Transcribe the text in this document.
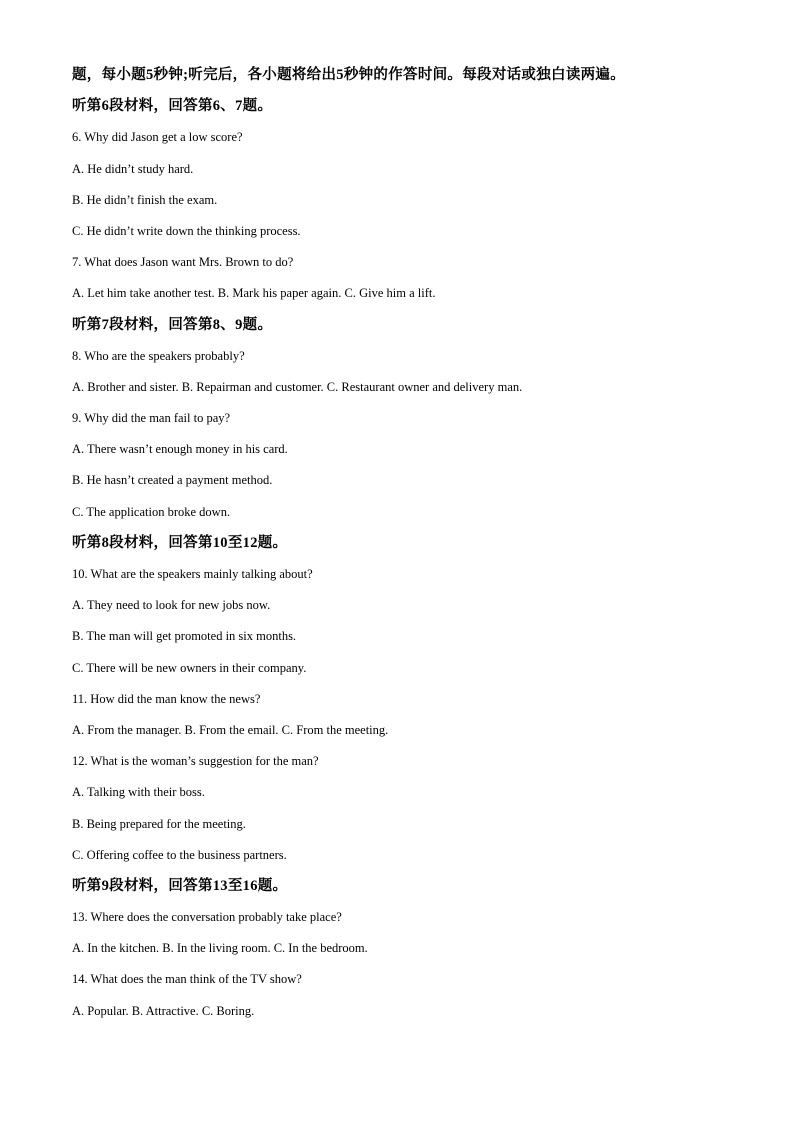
题，每小题5秒钟;听完后，各小题将给出5秒钟的作答时间。每段对话或独白读两遍。
听第6段材料，回答第6、7题。
6. Why did Jason get a low score?
A. He didn’t study hard.
B. He didn’t finish the exam.
C. He didn’t write down the thinking process.
7. What does Jason want Mrs. Brown to do?
A. Let him take another test. B. Mark his paper again. C. Give him a lift.
听第7段材料，回答第8、9题。
8. Who are the speakers probably?
A. Brother and sister. B. Repairman and customer. C. Restaurant owner and delivery man.
9. Why did the man fail to pay?
A. There wasn’t enough money in his card.
B. He hasn’t created a payment method.
C. The application broke down.
听第8段材料，回答第10至12题。
10. What are the speakers mainly talking about?
A. They need to look for new jobs now.
B. The man will get promoted in six months.
C. There will be new owners in their company.
11. How did the man know the news?
A. From the manager. B. From the email. C. From the meeting.
12. What is the woman’s suggestion for the man?
A. Talking with their boss.
B. Being prepared for the meeting.
C. Offering coffee to the business partners.
听第9段材料，回答第13至16题。
13. Where does the conversation probably take place?
A. In the kitchen. B. In the living room. C. In the bedroom.
14. What does the man think of the TV show?
A. Popular. B. Attractive. C. Boring.
